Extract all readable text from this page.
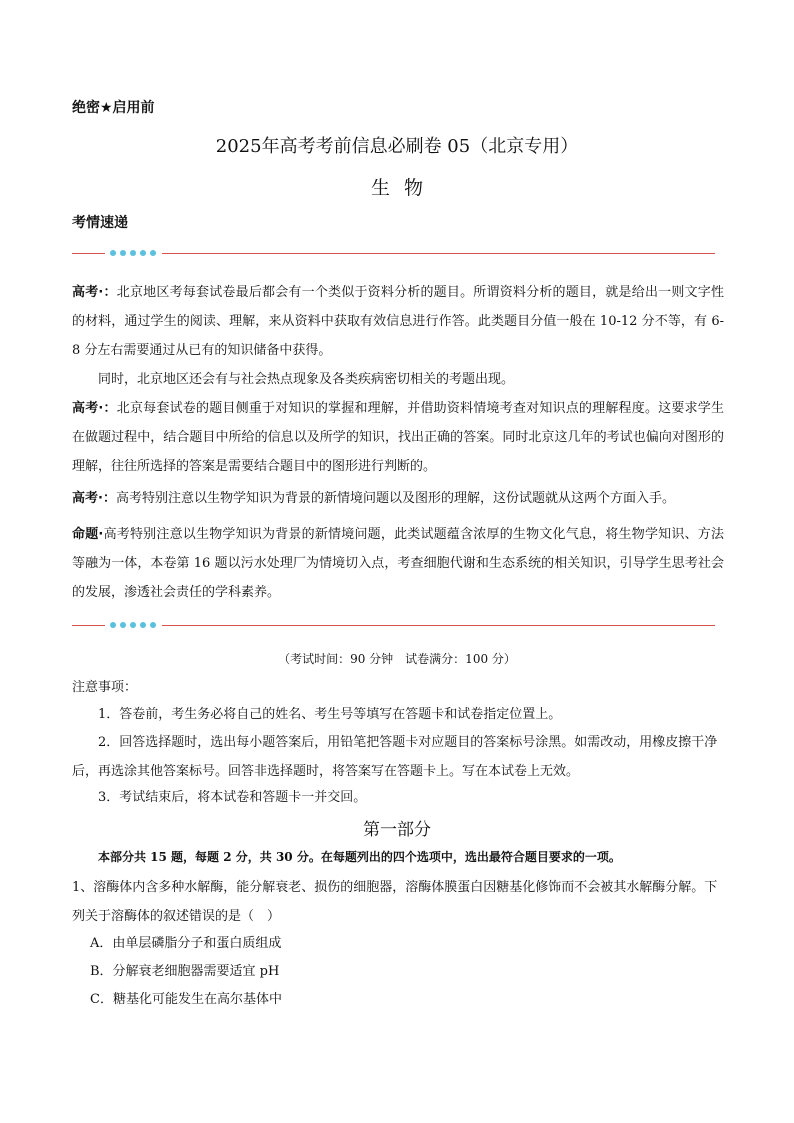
绝密★启用前
2025年高考考前信息必刷卷 05（北京专用）
生物
考情速递
高考·：北京地区考每套试卷最后都会有一个类似于资料分析的题目。所谓资料分析的题目，就是给出一则文字性的材料，通过学生的阅读、理解，来从资料中获取有效信息进行作答。此类题目分值一般在 10-12 分不等，有 6-8 分左右需要通过从已有的知识储备中获得。
同时，北京地区还会有与社会热点现象及各类疾病密切相关的考题出现。
高考·：北京每套试卷的题目侧重于对知识的掌握和理解，并借助资料情境考查对知识点的理解程度。这要求学生在做题过程中，结合题目中所给的信息以及所学的知识，找出正确的答案。同时北京这几年的考试也偏向对图形的理解，往往所选择的答案是需要结合题目中的图形进行判断的。
高考·：高考特别注意以生物学知识为背景的新情境问题以及图形的理解，这份试题就从这两个方面入手。
命题·高考特别注意以生物学知识为背景的新情境问题，此类试题蕴含浓厚的生物文化气息，将生物学知识、方法等融为一体，本卷第 16 题以污水处理厂为情境切入点，考查细胞代谢和生态系统的相关知识，引导学生思考社会的发展，渗透社会责任的学科素养。
（考试时间：90 分钟　试卷满分：100 分）
注意事项：
1．答卷前，考生务必将自己的姓名、考生号等填写在答题卡和试卷指定位置上。
2．回答选择题时，选出每小题答案后，用铅笔把答题卡对应题目的答案标号涂黑。如需改动，用橡皮擦干净后，再选涂其他答案标号。回答非选择题时，将答案写在答题卡上。写在本试卷上无效。
3．考试结束后，将本试卷和答题卡一并交回。
第一部分
本部分共 15 题，每题 2 分，共 30 分。在每题列出的四个选项中，选出最符合题目要求的一项。
1、溶酶体内含多种水解酶，能分解衰老、损伤的细胞器，溶酶体膜蛋白因糖基化修饰而不会被其水解酶分解。下列关于溶酶体的叙述错误的是（　）
A．由单层磷脂分子和蛋白质组成
B．分解衰老细胞器需要适宜 pH
C．糖基化可能发生在高尔基体中
